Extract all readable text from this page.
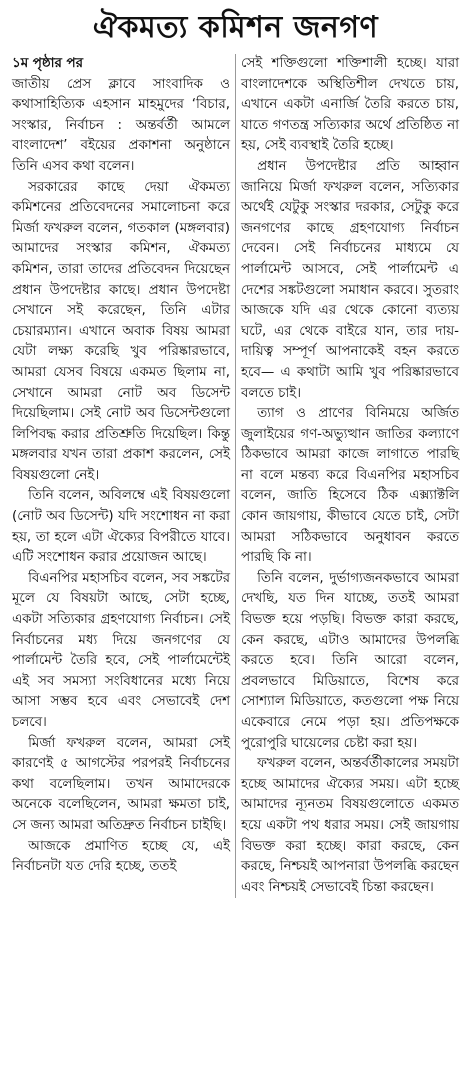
ঐকমত্য কমিশন জনগণ

১ম পৃষ্ঠার পর
জাতীয় প্রেস ক্লাবে সাংবাদিক ও কথাসাহিত্যিক এহসান মাহমুদের ‘বিচার, সংস্কার, নির্বাচন : অন্তর্বর্তী আমলে বাংলাদেশ’ বইয়ের প্রকাশনা অনুষ্ঠানে তিনি এসব কথা বলেন।

সরকারের কাছে দেয়া ঐকমত্য কমিশনের প্রতিবেদনের সমালোচনা করে মির্জা ফখরুল বলেন, গতকাল (মঙ্গলবার) আমাদের সংস্কার কমিশন, ঐকমত্য কমিশন, তারা তাদের প্রতিবেদন দিয়েছেন প্রধান উপদেষ্টার কাছে। প্রধান উপদেষ্টা সেখানে সই করেছেন, তিনি এটার চেয়ারম্যান। এখানে অবাক বিষয় আমরা যেটা লক্ষ্য করেছি খুব পরিষ্কারভাবে, আমরা যেসব বিষয়ে একমত ছিলাম না, সেখানে আমরা নোট অব ডিসেন্ট দিয়েছিলাম। সেই নোট অব ডিসেন্টগুলো লিপিবদ্ধ করার প্রতিশ্রুতি দিয়েছিল। কিন্তু মঙ্গলবার যখন তারা প্রকাশ করলেন, সেই বিষয়গুলো নেই।

তিনি বলেন, অবিলম্বে এই বিষয়গুলো (নোট অব ডিসেন্ট) যদি সংশোধন না করা হয়, তা হলে এটা ঐক্যের বিপরীতে যাবে। এটি সংশোধন করার প্রয়োজন আছে।

বিএনপির মহাসচিব বলেন, সব সঙ্কটের মূলে যে বিষয়টা আছে, সেটা হচ্ছে, একটা সত্যিকার গ্রহণযোগ্য নির্বাচন। সেই নির্বাচনের মধ্য দিয়ে জনগণের যে পার্লামেন্ট তৈরি হবে, সেই পার্লামেন্টেই এই সব সমস্যা সংবিধানের মধ্যে নিয়ে আসা সম্ভব হবে এবং সেভাবেই দেশ চলবে।

মির্জা ফখরুল বলেন, আমরা সেই কারণেই ৫ আগস্টের পরপরই নির্বাচনের কথা বলেছিলাম। তখন আমাদেরকে অনেকে বলেছিলেন, আমরা ক্ষমতা চাই, সে জন্য আমরা অতিদ্রুত নির্বাচন চাইছি।

আজকে প্রমাণিত হচ্ছে যে, এই নির্বাচনটা যত দেরি হচ্ছে, ততই

সেই শক্তিগুলো শক্তিশালী হচ্ছে। যারা বাংলাদেশকে অস্থিতিশীল দেখতে চায়, এখানে একটা এনার্জি তৈরি করতে চায়, যাতে গণতন্ত্র সত্যিকার অর্থে প্রতিষ্ঠিত না হয়, সেই ব্যবস্থাই তৈরি হচ্ছে।

প্রধান উপদেষ্টার প্রতি আহ্বান জানিয়ে মির্জা ফখরুল বলেন, সত্যিকার অর্থেই যেটুকু সংস্কার দরকার, সেটুকু করে জনগণের কাছে গ্রহণযোগ্য নির্বাচন দেবেন। সেই নির্বাচনের মাধ্যমে যে পার্লামেন্ট আসবে, সেই পার্লামেন্ট এ দেশের সঙ্কটগুলো সমাধান করবে। সুতরাং আজকে যদি এর থেকে কোনো ব্যত্যয় ঘটে, এর থেকে বাইরে যান, তার দায়-দায়িত্ব সম্পূর্ণ আপনাকেই বহন করতে হবে— এ কথাটা আমি খুব পরিষ্কারভাবে বলতে চাই।

ত্যাগ ও প্রাণের বিনিময়ে অর্জিত জুলাইয়ের গণ-অভ্যুত্থান জাতির কল্যাণে ঠিকভাবে আমরা কাজে লাগাতে পারছি না বলে মন্তব্য করে বিএনপির মহাসচিব বলেন, জাতি হিসেবে ঠিক এক্স্যাক্টলি কোন জায়গায়, কীভাবে যেতে চাই, সেটা আমরা সঠিকভাবে অনুধাবন করতে পারছি কি না।

তিনি বলেন, দুর্ভাগ্যজনকভাবে আমরা দেখছি, যত দিন যাচ্ছে, ততই আমরা বিভক্ত হয়ে পড়ছি। বিভক্ত কারা করছে, কেন করছে, এটাও আমাদের উপলব্ধি করতে হবে। তিনি আরো বলেন, প্রবলভাবে মিডিয়াতে, বিশেষ করে সোশ্যাল মিডিয়াতে, কতগুলো পক্ষ নিয়ে একেবারে নেমে পড়া হয়। প্রতিপক্ষকে পুরোপুরি ঘায়েলের চেষ্টা করা হয়।

ফখরুল বলেন, অন্তর্বর্তীকালের সময়টা হচ্ছে আমাদের ঐক্যের সময়। এটা হচ্ছে আমাদের ন্যূনতম বিষয়গুলোতে একমত হয়ে একটা পথ ধরার সময়। সেই জায়গায় বিভক্ত করা হচ্ছে। কারা করছে, কেন করছে, নিশ্চয়ই আপনারা উপলব্ধি করছেন এবং নিশ্চয়ই সেভাবেই চিন্তা করছেন।
